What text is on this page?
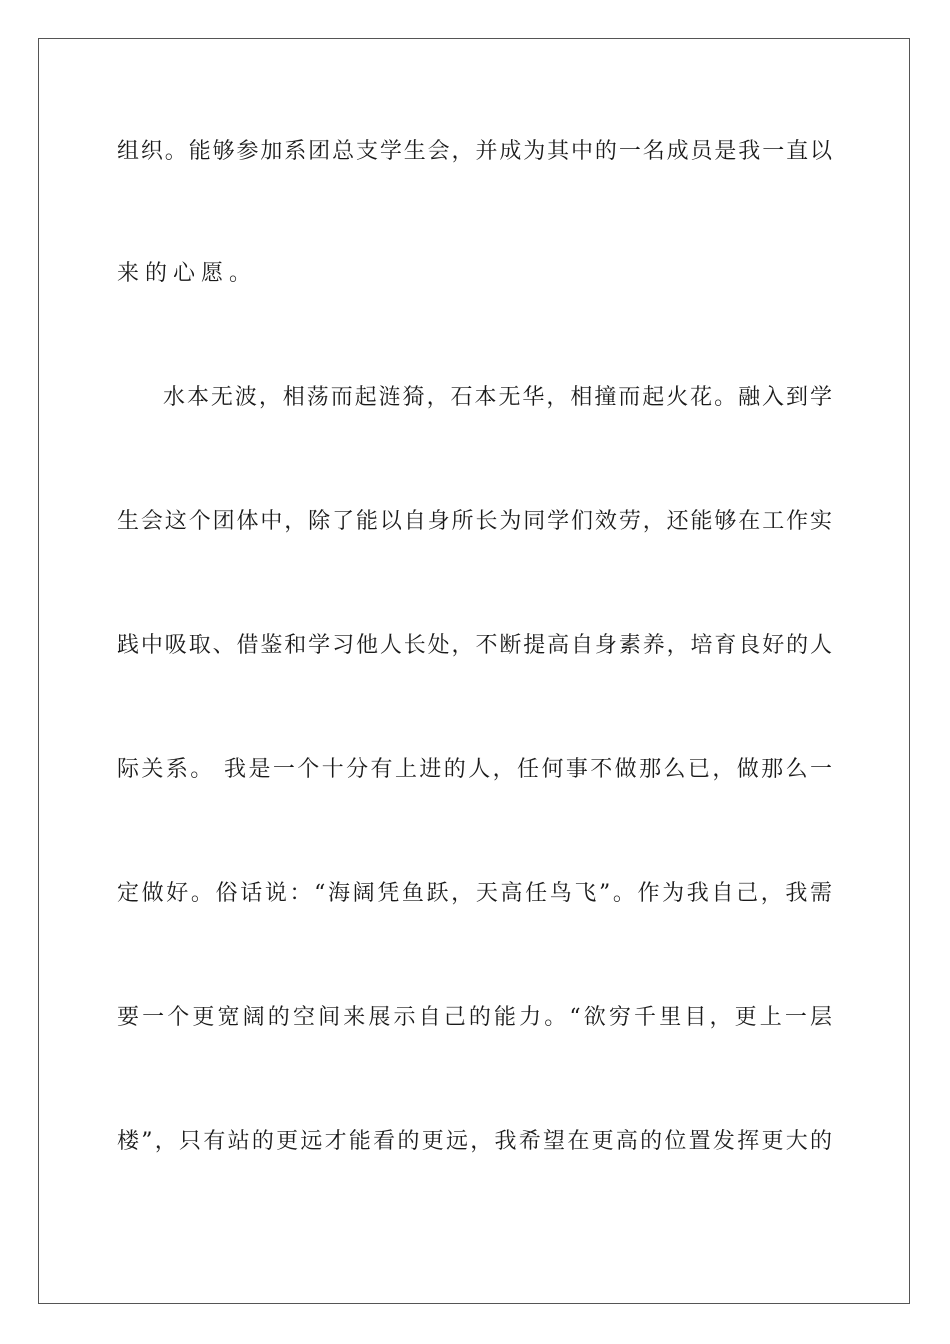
组织。能够参加系团总支学生会，并成为其中的一名成员是我一直以
来的心愿。
水本无波，相荡而起涟猗，石本无华，相撞而起火花。融入到学
生会这个团体中，除了能以自身所长为同学们效劳，还能够在工作实
践中吸取、借鉴和学习他人长处，不断提高自身素养，培育良好的人
际关系。 我是一个十分有上进的人，任何事不做那么已，做那么一
定做好。俗话说：“海阔凭鱼跃，天高任鸟飞”。作为我自己，我需
要一个更宽阔的空间来展示自己的能力。“欲穷千里目，更上一层
楼”，只有站的更远才能看的更远，我希望在更高的位置发挥更大的
